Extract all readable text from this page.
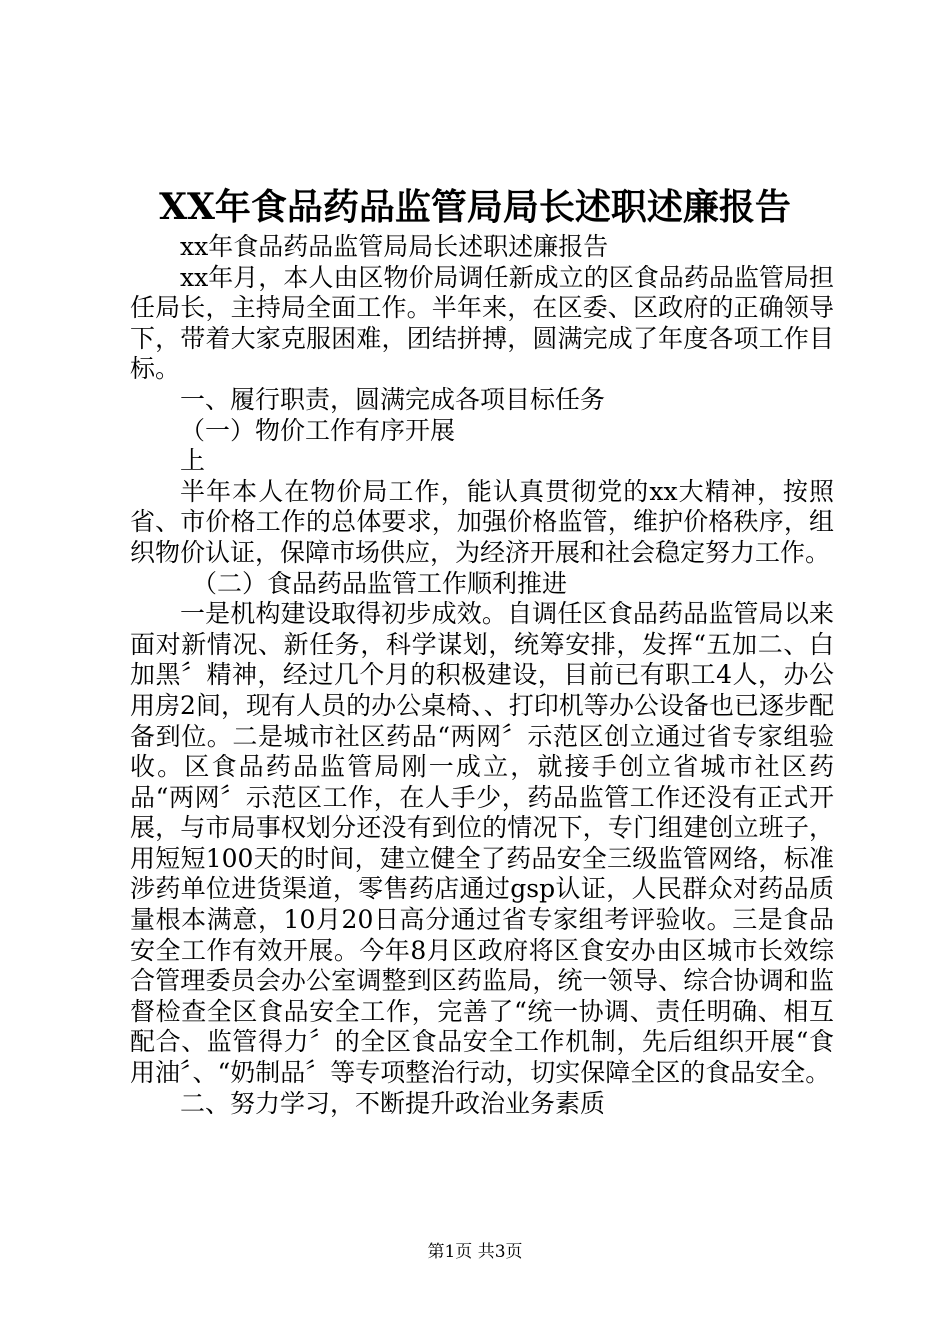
XX年食品药品监管局局长述职述廉报告

xx年食品药品监管局局长述职述廉报告

xx年月，本人由区物价局调任新成立的区食品药品监管局担任局长，主持局全面工作。半年来，在区委、区政府的正确领导下，带着大家克服困难，团结拼搏，圆满完成了年度各项工作目标。

一、履行职责，圆满完成各项目标任务

（一）物价工作有序开展

上

半年本人在物价局工作，能认真贯彻党的xx大精神，按照省、市价格工作的总体要求，加强价格监管，维护价格秩序，组织物价认证，保障市场供应，为经济开展和社会稳定努力工作。

（二）食品药品监管工作顺利推进

一是机构建设取得初步成效。自调任区食品药品监管局以来面对新情况、新任务，科学谋划，统筹安排，发挥“五加二、白加黑〞精神，经过几个月的积极建设，目前已有职工4人，办公用房2间，现有人员的办公桌椅、、打印机等办公设备也已逐步配备到位。二是城市社区药品“两网〞示范区创立通过省专家组验收。区食品药品监管局刚一成立，就接手创立省城市社区药品“两网〞示范区工作，在人手少，药品监管工作还没有正式开展，与市局事权划分还没有到位的情况下，专门组建创立班子，用短短100天的时间，建立健全了药品安全三级监管网络，标准涉药单位进货渠道，零售药店通过gsp认证，人民群众对药品质量根本满意，10月20日高分通过省专家组考评验收。三是食品安全工作有效开展。今年8月区政府将区食安办由区城市长效综合管理委员会办公室调整到区药监局，统一领导、综合协调和监督检查全区食品安全工作，完善了“统一协调、责任明确、相互配合、监管得力〞的全区食品安全工作机制，先后组织开展“食用油〞、“奶制品〞等专项整治行动，切实保障全区的食品安全。

二、努力学习，不断提升政治业务素质

第1页 共3页
